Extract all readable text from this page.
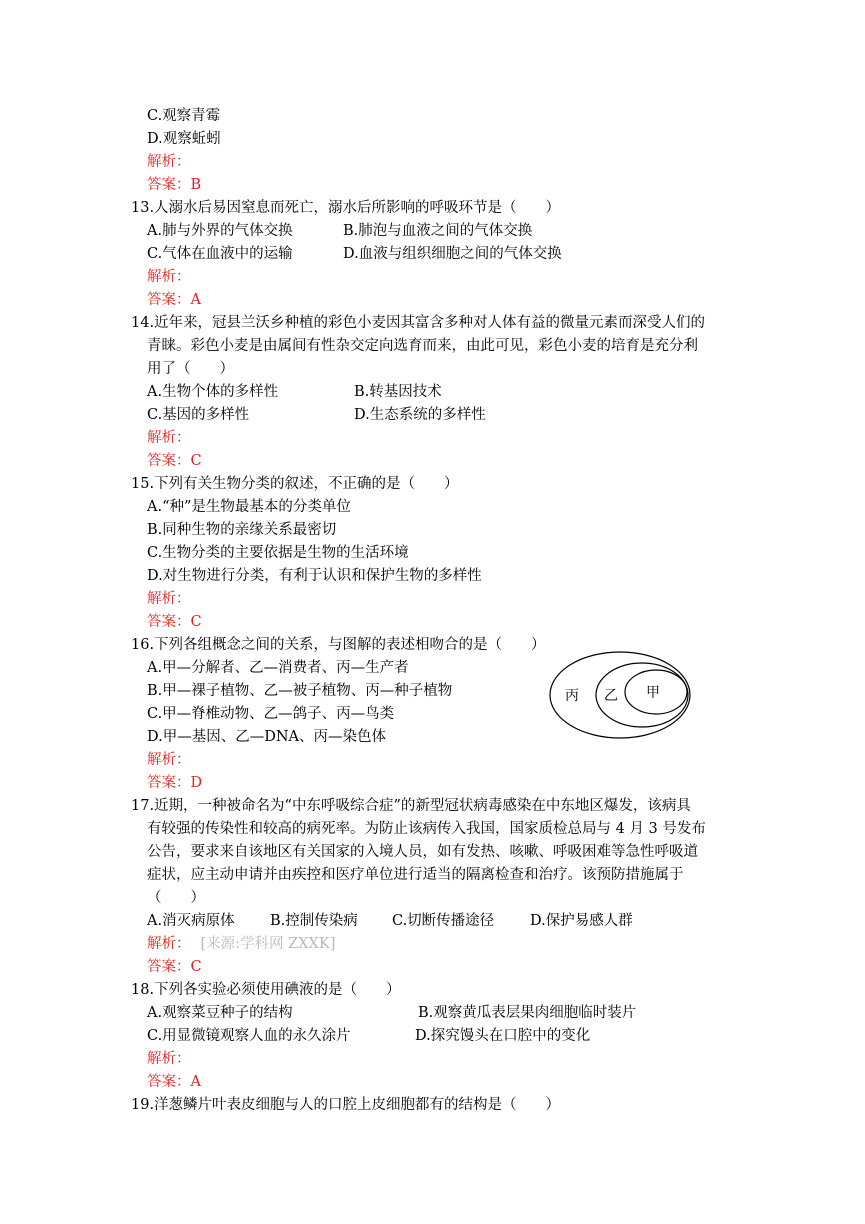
C.观察青霉
D.观察蚯蚓
解析：
答案：B
13.人溺水后易因窒息而死亡，溺水后所影响的呼吸环节是（　　）
A.肺与外界的气体交换	B.肺泡与血液之间的气体交换
C.气体在血液中的运输	D.血液与组织细胞之间的气体交换
解析：
答案：A
14.近年来，冠县兰沃乡种植的彩色小麦因其富含多种对人体有益的微量元素而深受人们的
青睐。彩色小麦是由属间有性杂交定向选育而来，由此可见，彩色小麦的培育是充分利
用了（　　）
A.生物个体的多样性	B.转基因技术
C.基因的多样性	D.生态系统的多样性
解析：
答案：C
15.下列有关生物分类的叙述，不正确的是（　　）
A.“种”是生物最基本的分类单位
B.同种生物的亲缘关系最密切
C.生物分类的主要依据是生物的生活环境
D.对生物进行分类，有利于认识和保护生物的多样性
解析：
答案：C
16.下列各组概念之间的关系，与图解的表述相吻合的是（　　）
A.甲—分解者、乙—消费者、丙—生产者
B.甲—裸子植物、乙—被子植物、丙—种子植物
C.甲—脊椎动物、乙—鸽子、丙—鸟类
D.甲—基因、乙—DNA、丙—染色体
解析：
答案：D
丙 乙 甲
17.近期，一种被命名为“中东呼吸综合症”的新型冠状病毒感染在中东地区爆发，该病具
有较强的传染性和较高的病死率。为防止该病传入我国，国家质检总局与 4 月 3 号发布
公告，要求来自该地区有关国家的入境人员，如有发热、咳嗽、呼吸困难等急性呼吸道
症状，应主动申请并由疾控和医疗单位进行适当的隔离检查和治疗。该预防措施属于
（　　）
A.消灭病原体 B.控制传染病 C.切断传播途径 D.保护易感人群
解析： [来源:学科网 ZXXK]
答案：C
18.下列各实验必须使用碘液的是（　　）
A.观察菜豆种子的结构	B.观察黄瓜表层果肉细胞临时装片
C.用显微镜观察人血的永久涂片	D.探究馒头在口腔中的变化
解析：
答案：A
19.洋葱鳞片叶表皮细胞与人的口腔上皮细胞都有的结构是（　　）
